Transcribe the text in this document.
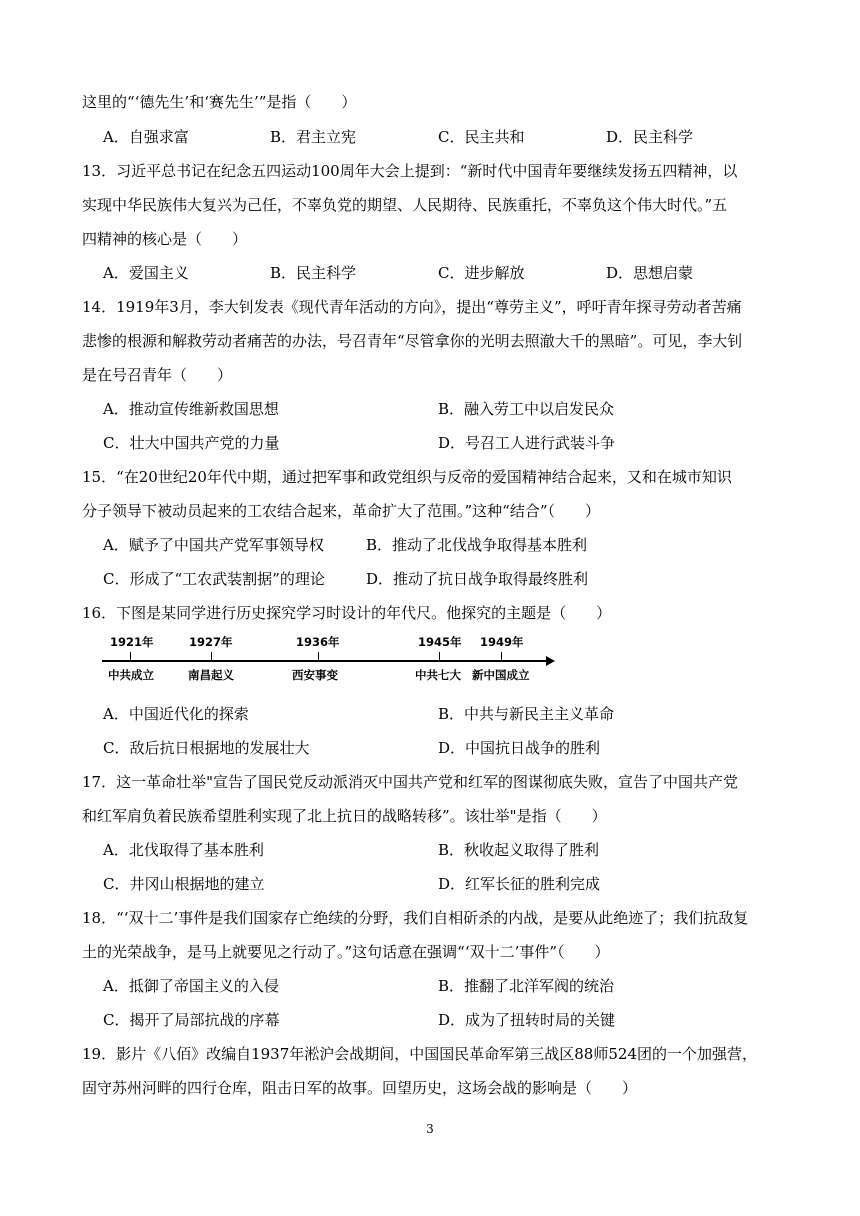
这里的“‘德先生’和‘赛先生’”是指（　　）
A．自强求富	B．君主立宪	C．民主共和	D．民主科学
13．习近平总书记在纪念五四运动100周年大会上提到：“新时代中国青年要继续发扬五四精神，以
实现中华民族伟大复兴为己任，不辜负党的期望、人民期待、民族重托，不辜负这个伟大时代。”五
四精神的核心是（　　）
A．爱国主义	B．民主科学	C．进步解放	D．思想启蒙
14．1919年3月，李大钊发表《现代青年活动的方向》，提出“尊劳主义”，呼吁青年探寻劳动者苦痛
悲惨的根源和解救劳动者痛苦的办法，号召青年“尽管拿你的光明去照澈大千的黑暗”。可见，李大钊
是在号召青年（　　）
A．推动宣传维新救国思想	B．融入劳工中以启发民众
C．壮大中国共产党的力量	D．号召工人进行武装斗争
15．“在20世纪20年代中期，通过把军事和政党组织与反帝的爱国精神结合起来，又和在城市知识
分子领导下被动员起来的工农结合起来，革命扩大了范围。”这种“结合”（　　）
A．赋予了中国共产党军事领导权	B．推动了北伐战争取得基本胜利
C．形成了“工农武装割据”的理论	D．推动了抗日战争取得最终胜利
16．下图是某同学进行历史探究学习时设计的年代尺。他探究的主题是（　　）
1921年	1927年	1936年	1945年 1949年
中共成立	南昌起义	西安事变	中共七大 新中国成立
A．中国近代化的探索	B．中共与新民主主义革命
C．敌后抗日根据地的发展壮大	D．中国抗日战争的胜利
17．这一革命壮举"宣告了国民党反动派消灭中国共产党和红军的图谋彻底失败，宣告了中国共产党
和红军肩负着民族希望胜利实现了北上抗日的战略转移”。该壮举"是指（　　）
A．北伐取得了基本胜利	B．秋收起义取得了胜利
C．井冈山根据地的建立	D．红军长征的胜利完成
18．“‘双十二’事件是我们国家存亡绝续的分野，我们自相斫杀的内战，是要从此绝迹了；我们抗敌复
土的光荣战争，是马上就要见之行动了。”这句话意在强调“‘双十二’事件”（　　）
A．抵御了帝国主义的入侵	B．推翻了北洋军阀的统治
C．揭开了局部抗战的序幕	D．成为了扭转时局的关键
19．影片《八佰》改编自1937年淞沪会战期间，中国国民革命军第三战区88师524团的一个加强营，
固守苏州河畔的四行仓库，阻击日军的故事。回望历史，这场会战的影响是（　　）
3
